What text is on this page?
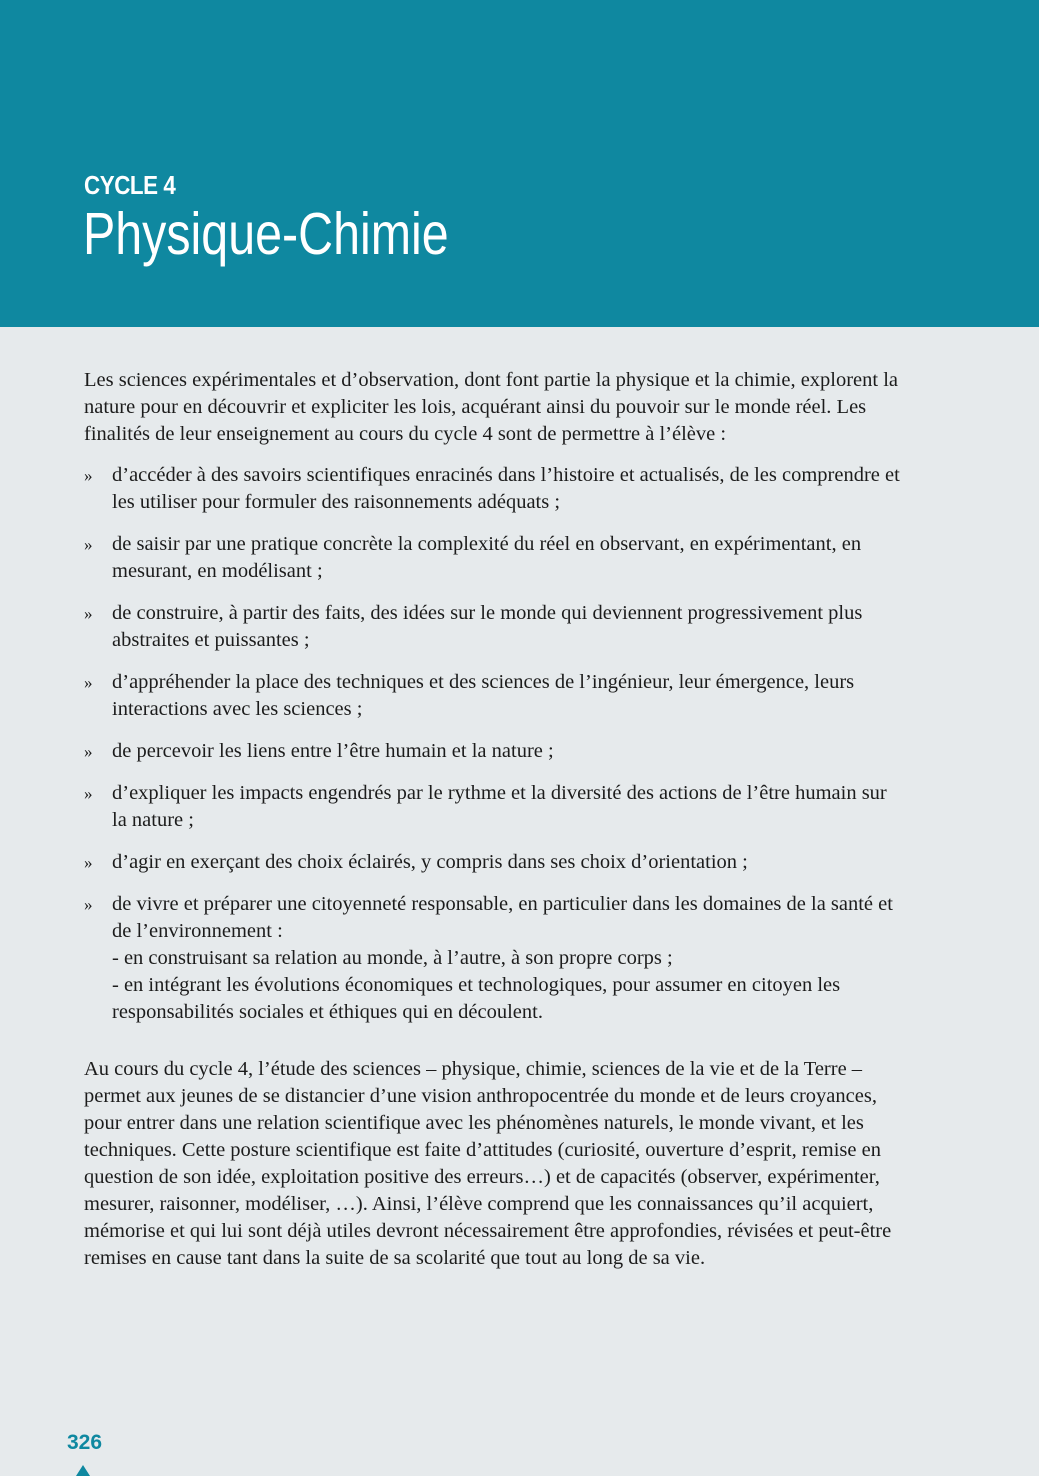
CYCLE 4
Physique-Chimie

Les sciences expérimentales et d’observation, dont font partie la physique et la chimie, explorent la nature pour en découvrir et expliciter les lois, acquérant ainsi du pouvoir sur le monde réel. Les finalités de leur enseignement au cours du cycle 4 sont de permettre à l’élève :

» d’accéder à des savoirs scientifiques enracinés dans l’histoire et actualisés, de les comprendre et les utiliser pour formuler des raisonnements adéquats ;
» de saisir par une pratique concrète la complexité du réel en observant, en expérimentant, en mesurant, en modélisant ;
» de construire, à partir des faits, des idées sur le monde qui deviennent progressivement plus abstraites et puissantes ;
» d’appréhender la place des techniques et des sciences de l’ingénieur, leur émergence, leurs interactions avec les sciences ;
» de percevoir les liens entre l’être humain et la nature ;
» d’expliquer les impacts engendrés par le rythme et la diversité des actions de l’être humain sur la nature ;
» d’agir en exerçant des choix éclairés, y compris dans ses choix d’orientation ;
» de vivre et préparer une citoyenneté responsable, en particulier dans les domaines de la santé et de l’environnement :
- en construisant sa relation au monde, à l’autre, à son propre corps ;
- en intégrant les évolutions économiques et technologiques, pour assumer en citoyen les responsabilités sociales et éthiques qui en découlent.

Au cours du cycle 4, l’étude des sciences – physique, chimie, sciences de la vie et de la Terre – permet aux jeunes de se distancier d’une vision anthropocentrée du monde et de leurs croyances, pour entrer dans une relation scientifique avec les phénomènes naturels, le monde vivant, et les techniques. Cette posture scientifique est faite d’attitudes (curiosité, ouverture d’esprit, remise en question de son idée, exploitation positive des erreurs…) et de capacités (observer, expérimenter, mesurer, raisonner, modéliser, …). Ainsi, l’élève comprend que les connaissances qu’il acquiert, mémorise et qui lui sont déjà utiles devront nécessairement être approfondies, révisées et peut-être remises en cause tant dans la suite de sa scolarité que tout au long de sa vie.

326
